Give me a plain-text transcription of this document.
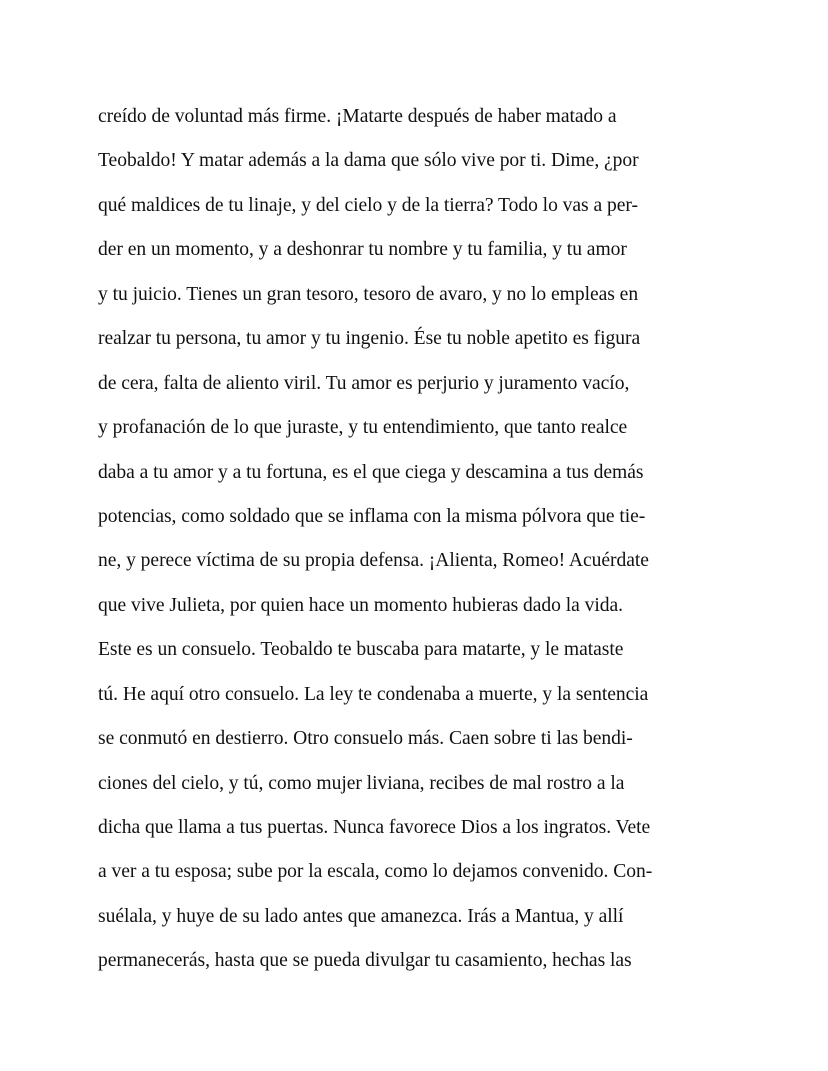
creído de voluntad más firme. ¡Matarte después de haber matado a
Teobaldo! Y matar además a la dama que sólo vive por ti. Dime, ¿por
qué maldices de tu linaje, y del cielo y de la tierra? Todo lo vas a per-
der en un momento, y a deshonrar tu nombre y tu familia, y tu amor
y tu juicio. Tienes un gran tesoro, tesoro de avaro, y no lo empleas en
realzar tu persona, tu amor y tu ingenio. Ése tu noble apetito es figura
de cera, falta de aliento viril. Tu amor es perjurio y juramento vacío,
y profanación de lo que juraste, y tu entendimiento, que tanto realce
daba a tu amor y a tu fortuna, es el que ciega y descamina a tus demás
potencias, como soldado que se inflama con la misma pólvora que tie-
ne, y perece víctima de su propia defensa. ¡Alienta, Romeo! Acuérdate
que vive Julieta, por quien hace un momento hubieras dado la vida.
Este es un consuelo. Teobaldo te buscaba para matarte, y le mataste
tú. He aquí otro consuelo. La ley te condenaba a muerte, y la sentencia
se conmutó en destierro. Otro consuelo más. Caen sobre ti las bendi-
ciones del cielo, y tú, como mujer liviana, recibes de mal rostro a la
dicha que llama a tus puertas. Nunca favorece Dios a los ingratos. Vete
a ver a tu esposa; sube por la escala, como lo dejamos convenido. Con-
suélala, y huye de su lado antes que amanezca. Irás a Mantua, y allí
permanecerás, hasta que se pueda divulgar tu casamiento, hechas las
